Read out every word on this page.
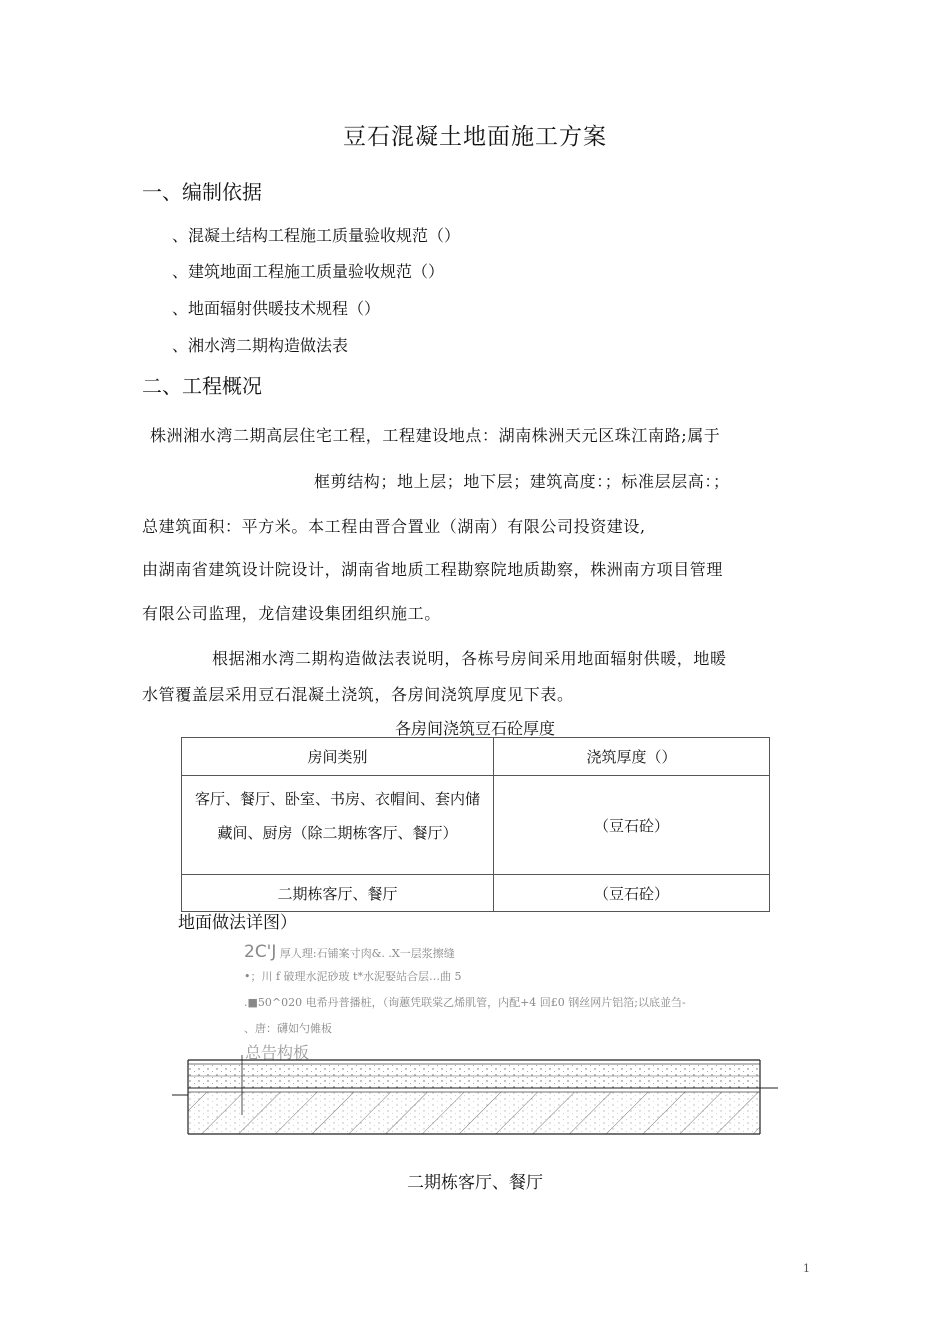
豆石混凝土地面施工方案
一、编制依据
、混凝土结构工程施工质量验收规范（）
、建筑地面工程施工质量验收规范（）
、地面辐射供暖技术规程（）
、湘水湾二期构造做法表
二、工程概况
株洲湘水湾二期高层住宅工程，工程建设地点：湖南株洲天元区珠江南路;属于
框剪结构；地上层；地下层；建筑高度：；标准层层高：；
总建筑面积：平方米。本工程由晋合置业（湖南）有限公司投资建设,
由湖南省建筑设计院设计，湖南省地质工程勘察院地质勘察，株洲南方项目管理
有限公司监理，龙信建设集团组织施工。
根据湘水湾二期构造做法表说明，各栋号房间采用地面辐射供暖，地暖
水管覆盖层采用豆石混凝土浇筑，各房间浇筑厚度见下表。
各房间浇筑豆石砼厚度
房间类别	浇筑厚度（）

客厅、餐厅、卧室、书房、衣帽间、套内储藏间、厨房（除二期栋客厅、餐厅）	（豆石砼）
二期栋客厅、餐厅	（豆石砼）
地面做法详图）
2C'J 厚人理:石铺案寸肉&. .X一层浆擦缝
•；川 f 破理水泥砂玻 t*水泥娶站合层…曲 5
.■50^020 电希丹普播桩，（询蕙凭联棠乙烯肌管，内配+4 回£0 钢丝网片铝箔;以底並刍-
、唐：礴如勺傩板
总告构板
二期栋客厅、餐厅
1
